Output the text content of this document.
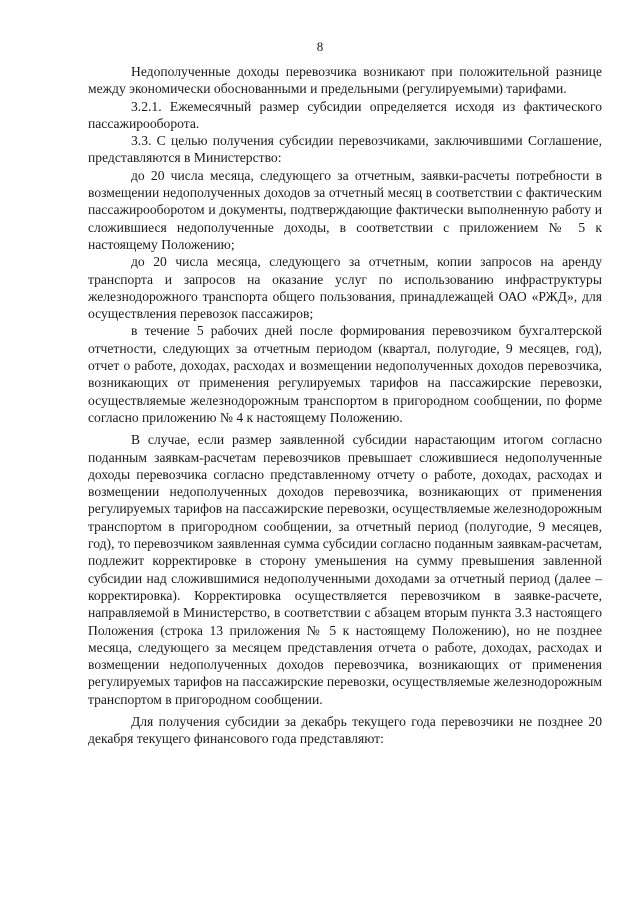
8

Недополученные доходы перевозчика возникают при положительной разнице между экономически обоснованными и предельными (регулируемыми) тарифами.

3.2.1. Ежемесячный размер субсидии определяется исходя из фактического пассажирооборота.

3.3. С целью получения субсидии перевозчиками, заключившими Соглашение, представляются в Министерство:

до 20 числа месяца, следующего за отчетным, заявки-расчеты потребности в возмещении недополученных доходов за отчетный месяц в соответствии с фактическим пассажирооборотом и документы, подтверждающие фактически выполненную работу и сложившиеся недополученные доходы, в соответствии с приложением № 5 к настоящему Положению;

до 20 числа месяца, следующего за отчетным, копии запросов на аренду транспорта и запросов на оказание услуг по использованию инфраструктуры железнодорожного транспорта общего пользования, принадлежащей ОАО «РЖД», для осуществления перевозок пассажиров;

в течение 5 рабочих дней после формирования перевозчиком бухгалтерской отчетности, следующих за отчетным периодом (квартал, полугодие, 9 месяцев, год), отчет о работе, доходах, расходах и возмещении недополученных доходов перевозчика, возникающих от применения регулируемых тарифов на пассажирские перевозки, осуществляемые железнодорожным транспортом в пригородном сообщении, по форме согласно приложению № 4 к настоящему Положению.

В случае, если размер заявленной субсидии нарастающим итогом согласно поданным заявкам-расчетам перевозчиков превышает сложившиеся недополученные доходы перевозчика согласно представленному отчету о работе, доходах, расходах и возмещении недополученных доходов перевозчика, возникающих от применения регулируемых тарифов на пассажирские перевозки, осуществляемые железнодорожным транспортом в пригородном сообщении, за отчетный период (полугодие, 9 месяцев, год), то перевозчиком заявленная сумма субсидии согласно поданным заявкам-расчетам, подлежит корректировке в сторону уменьшения на сумму превышения завленной субсидии над сложившимися недополученными доходами за отчетный период (далее – корректировка). Корректировка осуществляется перевозчиком в заявке-расчете, направляемой в Министерство, в соответствии с абзацем вторым пункта 3.3 настоящего Положения (строка 13 приложения № 5 к настоящему Положению), но не позднее месяца, следующего за месяцем представления отчета о работе, доходах, расходах и возмещении недополученных доходов перевозчика, возникающих от применения регулируемых тарифов на пассажирские перевозки, осуществляемые железнодорожным транспортом в пригородном сообщении.

Для получения субсидии за декабрь текущего года перевозчики не позднее 20 декабря текущего финансового года представляют:
